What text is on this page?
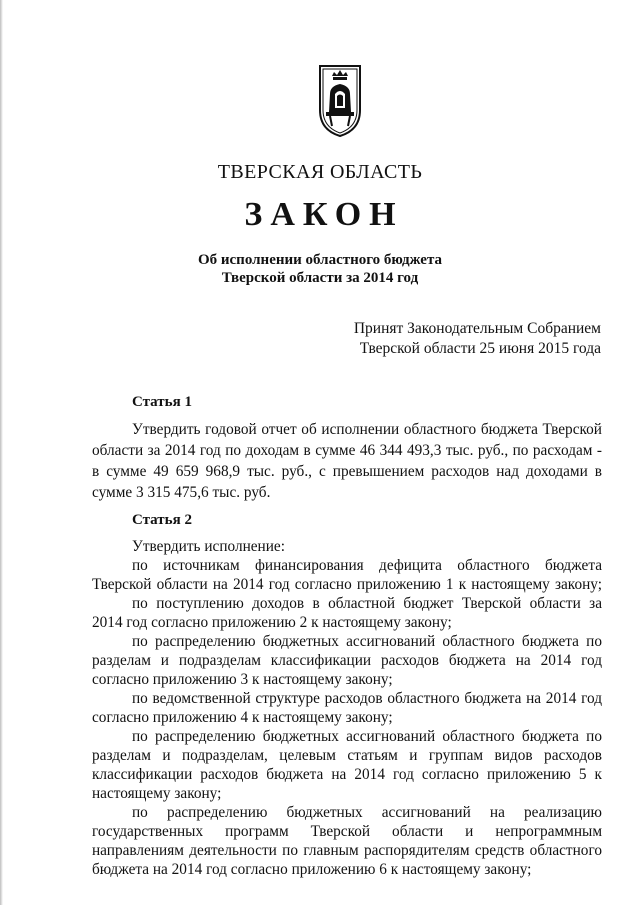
ТВЕРСКАЯ ОБЛАСТЬ
ЗАКОН
Об исполнении областного бюджета
Тверской области за 2014 год
Принят Законодательным Собранием
Тверской области 25 июня 2015 года
Статья 1
Утвердить годовой отчет об исполнении областного бюджета Тверской
области за 2014 год по доходам в сумме 46 344 493,3 тыс. руб., по расходам -
в сумме 49 659 968,9 тыс. руб., с превышением расходов над доходами в
сумме 3 315 475,6 тыс. руб.
Статья 2
Утвердить исполнение:
по источникам финансирования дефицита областного бюджета
Тверской области на 2014 год согласно приложению 1 к настоящему закону;
по поступлению доходов в областной бюджет Тверской области за
2014 год согласно приложению 2 к настоящему закону;
по распределению бюджетных ассигнований областного бюджета по
разделам и подразделам классификации расходов бюджета на 2014 год
согласно приложению 3 к настоящему закону;
по ведомственной структуре расходов областного бюджета на 2014 год
согласно приложению 4 к настоящему закону;
по распределению бюджетных ассигнований областного бюджета по
разделам и подразделам, целевым статьям и группам видов расходов
классификации расходов бюджета на 2014 год согласно приложению 5 к
настоящему закону;
по распределению бюджетных ассигнований на реализацию
государственных программ Тверской области и непрограммным
направлениям деятельности по главным распорядителям средств областного
бюджета на 2014 год согласно приложению 6 к настоящему закону;
